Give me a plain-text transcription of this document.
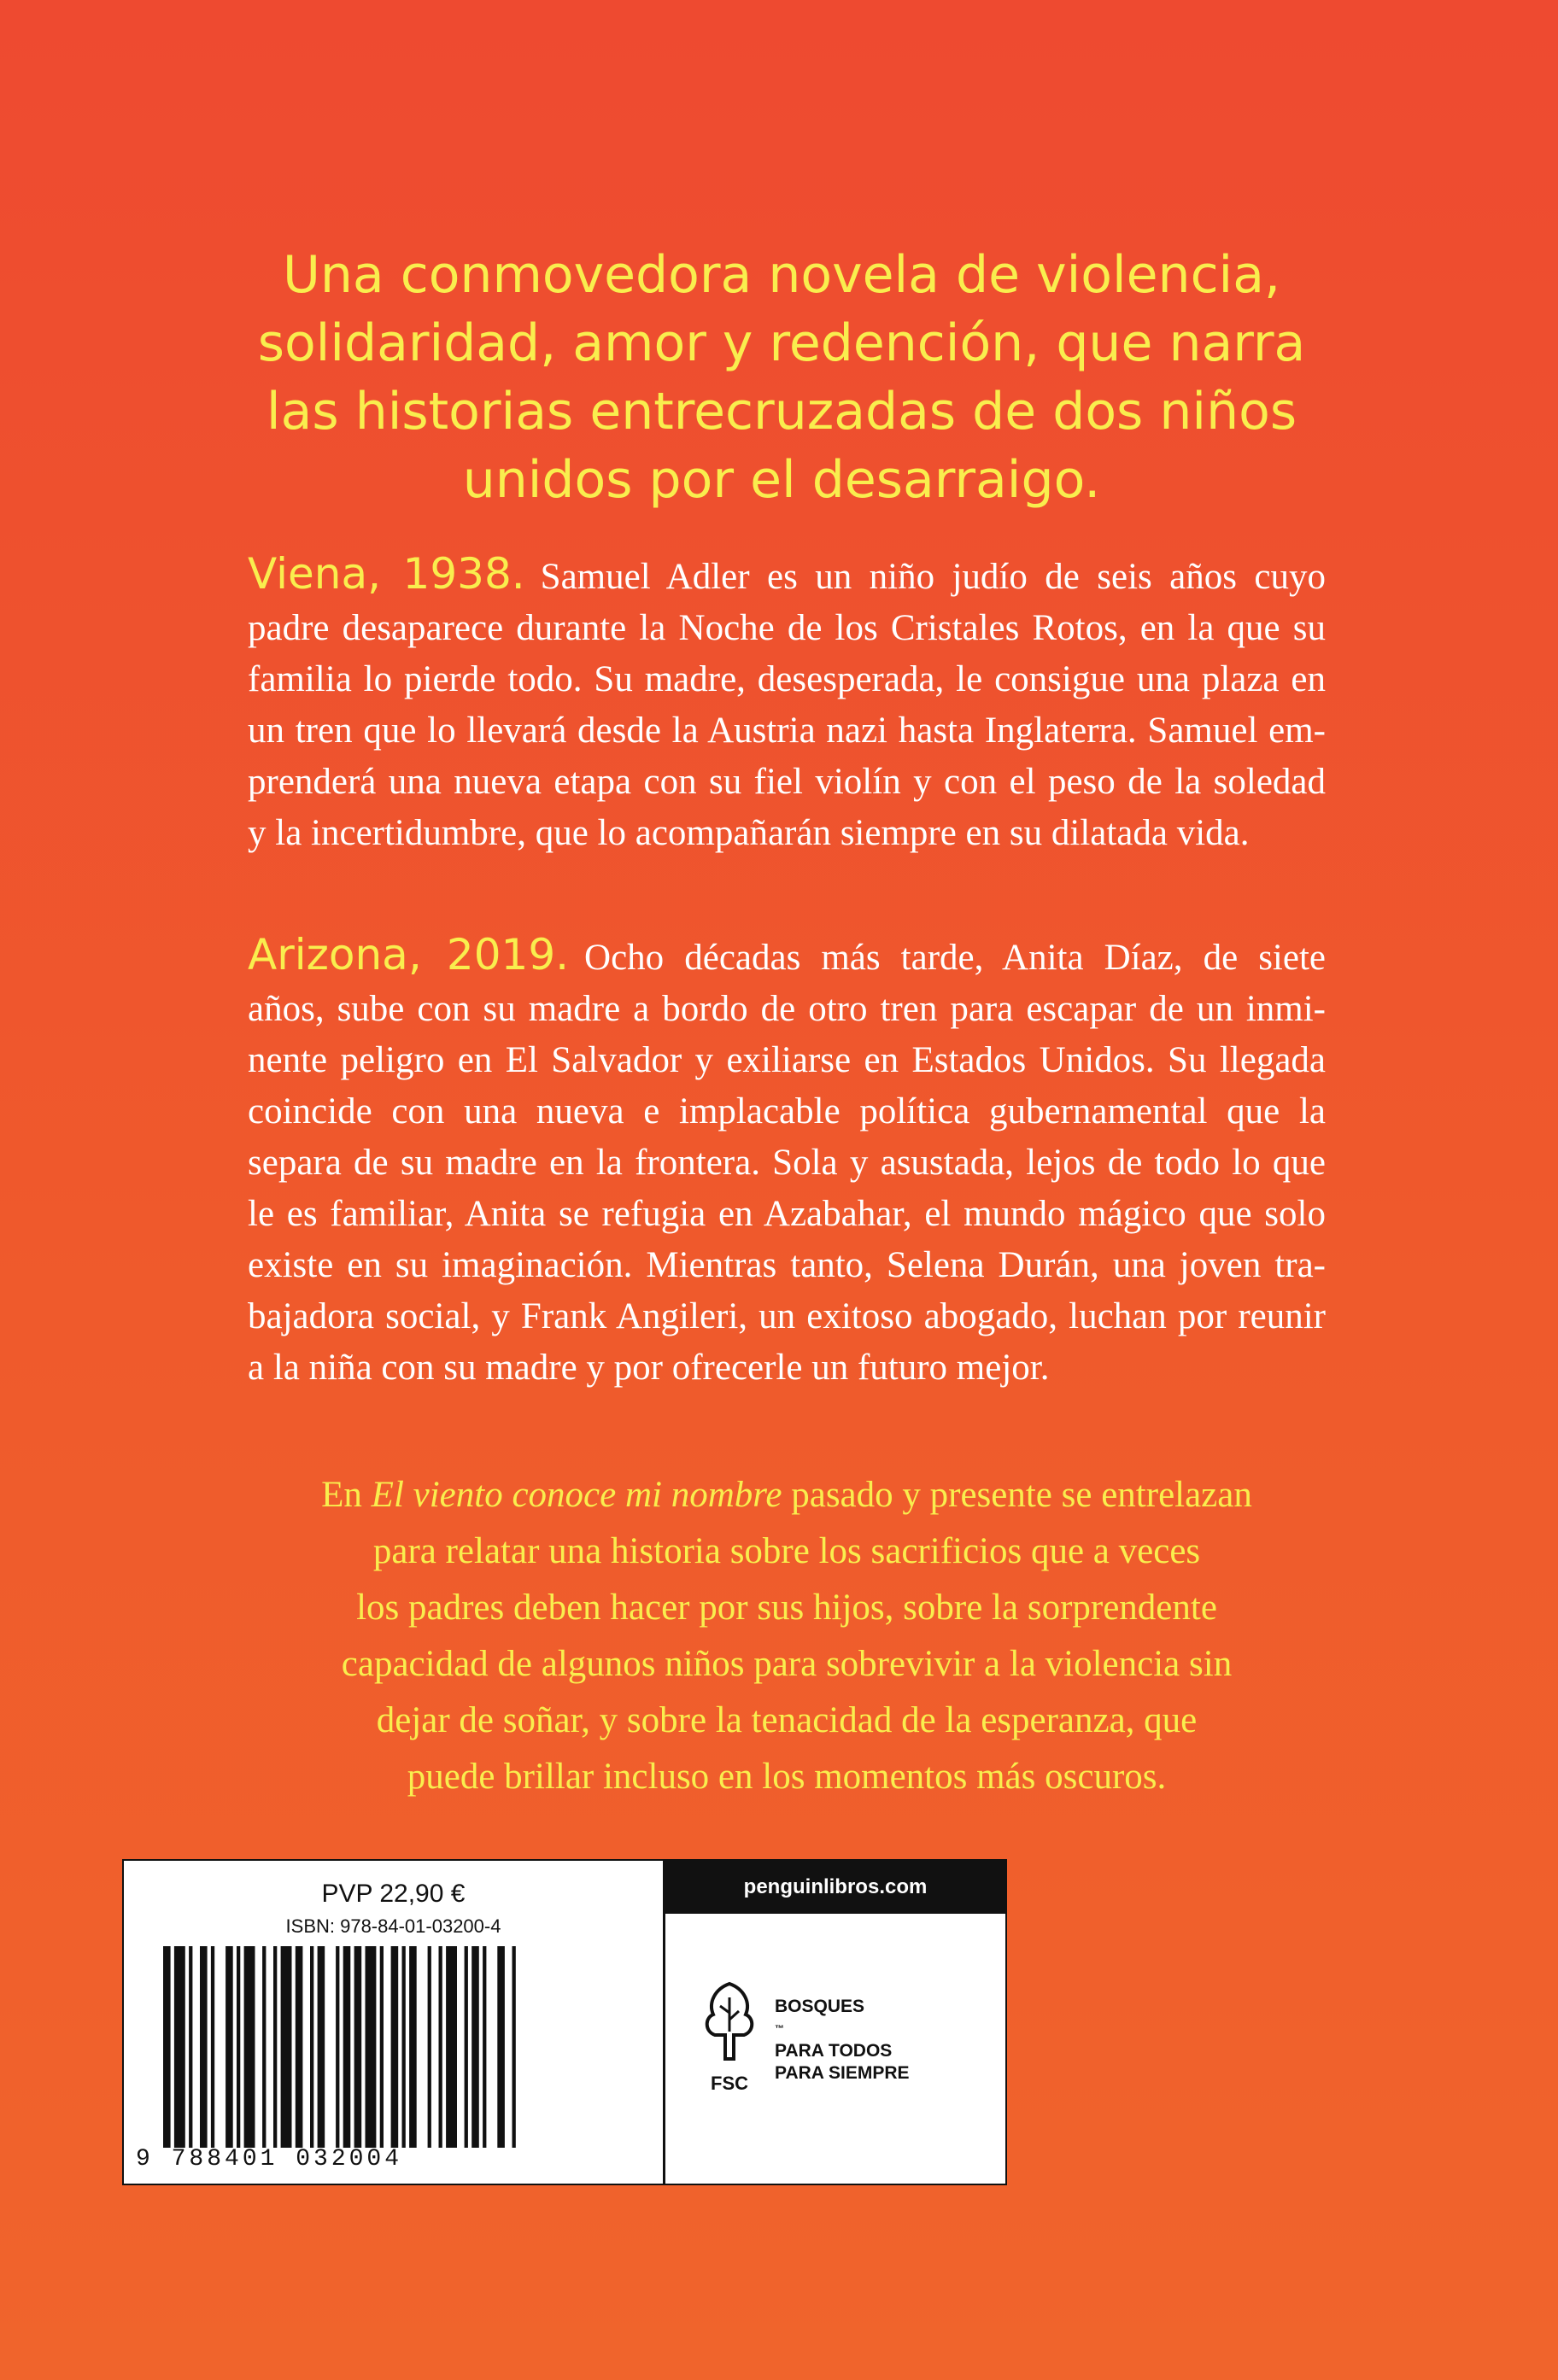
Una conmovedora novela de violencia,
solidaridad, amor y redención, que narra
las historias entrecruzadas de dos niños
unidos por el desarraigo.
Viena, 1938. Samuel Adler es un niño judío de seis años cuyo
padre desaparece durante la Noche de los Cristales Rotos, en la que su
familia lo pierde todo. Su madre, desesperada, le consigue una plaza en
un tren que lo llevará desde la Austria nazi hasta Inglaterra. Samuel em-
prenderá una nueva etapa con su fiel violín y con el peso de la soledad
y la incertidumbre, que lo acompañarán siempre en su dilatada vida.
Arizona, 2019. Ocho décadas más tarde, Anita Díaz, de siete
años, sube con su madre a bordo de otro tren para escapar de un inmi-
nente peligro en El Salvador y exiliarse en Estados Unidos. Su llegada
coincide con una nueva e implacable política gubernamental que la
separa de su madre en la frontera. Sola y asustada, lejos de todo lo que
le es familiar, Anita se refugia en Azabahar, el mundo mágico que solo
existe en su imaginación. Mientras tanto, Selena Durán, una joven tra-
bajadora social, y Frank Angileri, un exitoso abogado, luchan por reunir
a la niña con su madre y por ofrecerle un futuro mejor.
En El viento conoce mi nombre pasado y presente se entrelazan
para relatar una historia sobre los sacrificios que a veces
los padres deben hacer por sus hijos, sobre la sorprendente
capacidad de algunos niños para sobrevivir a la violencia sin
dejar de soñar, y sobre la tenacidad de la esperanza, que
puede brillar incluso en los momentos más oscuros.
PVP 22,90 €
ISBN: 978-84-01-03200-4
9 788401 032004
penguinlibros.com
FSC
BOSQUES
™
PARA TODOS
PARA SIEMPRE
